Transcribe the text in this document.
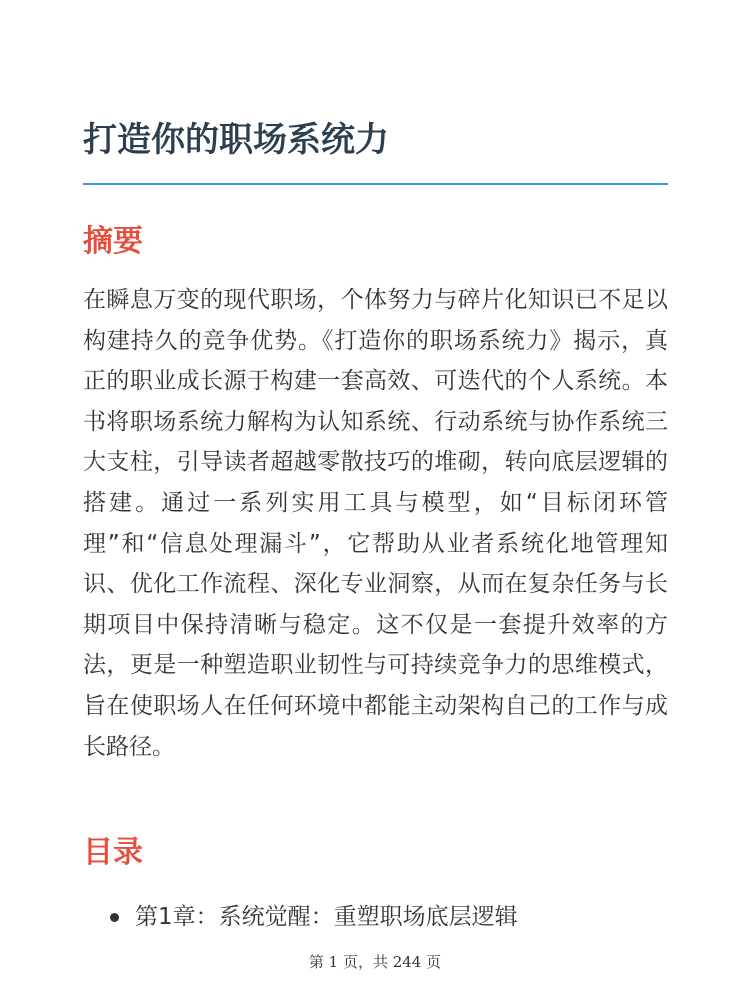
打造你的职场系统力
摘要

在瞬息万变的现代职场，个体努力与碎片化知识已不足以构建持久的竞争优势。《打造你的职场系统力》揭示，真正的职业成长源于构建一套高效、可迭代的个人系统。本书将职场系统力解构为认知系统、行动系统与协作系统三大支柱，引导读者超越零散技巧的堆砌，转向底层逻辑的搭建。通过一系列实用工具与模型，如“目标闭环管理”和“信息处理漏斗”，它帮助从业者系统化地管理知识、优化工作流程、深化专业洞察，从而在复杂任务与长期项目中保持清晰与稳定。这不仅是一套提升效率的方法，更是一种塑造职业韧性与可持续竞争力的思维模式，旨在使职场人在任何环境中都能主动架构自己的工作与成长路径。

目录
第1章：系统觉醒：重塑职场底层逻辑
第 1 页，共 244 页
